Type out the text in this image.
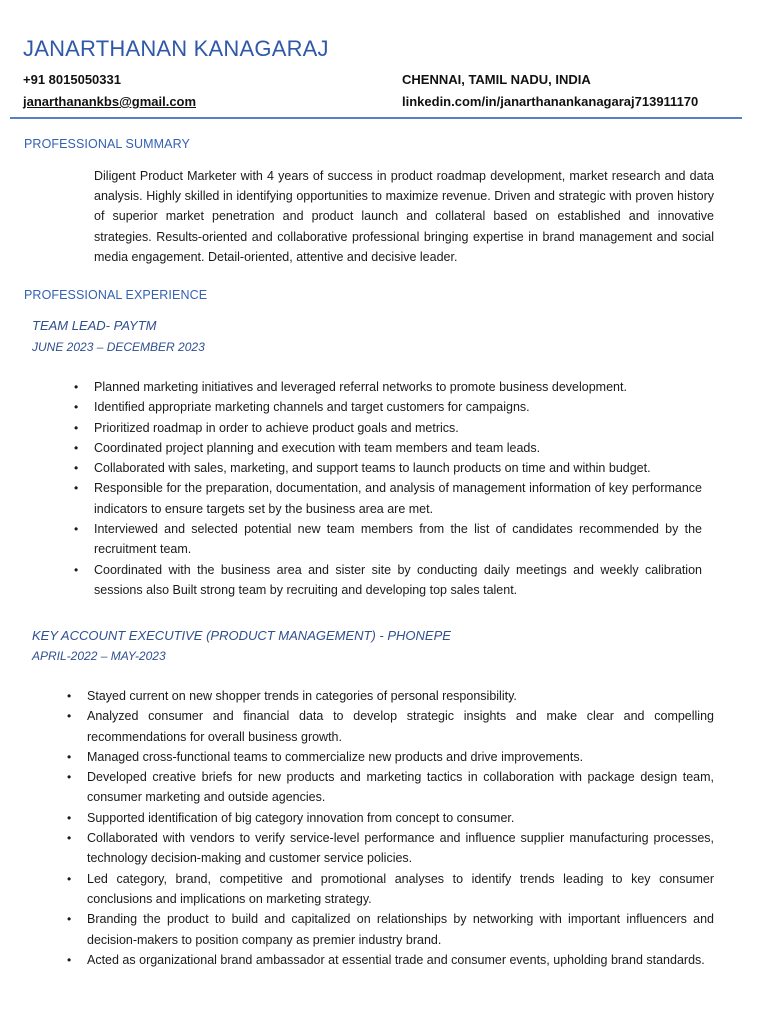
JANARTHANAN KANAGARAJ
+91 8015050331
janarthanankbs@gmail.com
CHENNAI, TAMIL NADU, INDIA
linkedin.com/in/janarthanankanagaraj713911170
PROFESSIONAL SUMMARY

Diligent Product Marketer with 4 years of success in product roadmap development, market research and data analysis. Highly skilled in identifying opportunities to maximize revenue. Driven and strategic with proven history of superior market penetration and product launch and collateral based on established and innovative strategies. Results-oriented and collaborative professional bringing expertise in brand management and social media engagement. Detail-oriented, attentive and decisive leader.

PROFESSIONAL EXPERIENCE
TEAM LEAD- PAYTM
JUNE 2023 – DECEMBER 2023
• Planned marketing initiatives and leveraged referral networks to promote business development.
• Identified appropriate marketing channels and target customers for campaigns.
• Prioritized roadmap in order to achieve product goals and metrics.
• Coordinated project planning and execution with team members and team leads.
• Collaborated with sales, marketing, and support teams to launch products on time and within budget.
• Responsible for the preparation, documentation, and analysis of management information of key performance indicators to ensure targets set by the business area are met.
• Interviewed and selected potential new team members from the list of candidates recommended by the recruitment team.
• Coordinated with the business area and sister site by conducting daily meetings and weekly calibration sessions also Built strong team by recruiting and developing top sales talent.
KEY ACCOUNT EXECUTIVE (PRODUCT MANAGEMENT) - PHONEPE
APRIL-2022 – MAY-2023
• Stayed current on new shopper trends in categories of personal responsibility.
• Analyzed consumer and financial data to develop strategic insights and make clear and compelling recommendations for overall business growth.
• Managed cross-functional teams to commercialize new products and drive improvements.
• Developed creative briefs for new products and marketing tactics in collaboration with package design team, consumer marketing and outside agencies.
• Supported identification of big category innovation from concept to consumer.
• Collaborated with vendors to verify service-level performance and influence supplier manufacturing processes, technology decision-making and customer service policies.
• Led category, brand, competitive and promotional analyses to identify trends leading to key consumer conclusions and implications on marketing strategy.
• Branding the product to build and capitalized on relationships by networking with important influencers and decision-makers to position company as premier industry brand.
• Acted as organizational brand ambassador at essential trade and consumer events, upholding brand standards.
